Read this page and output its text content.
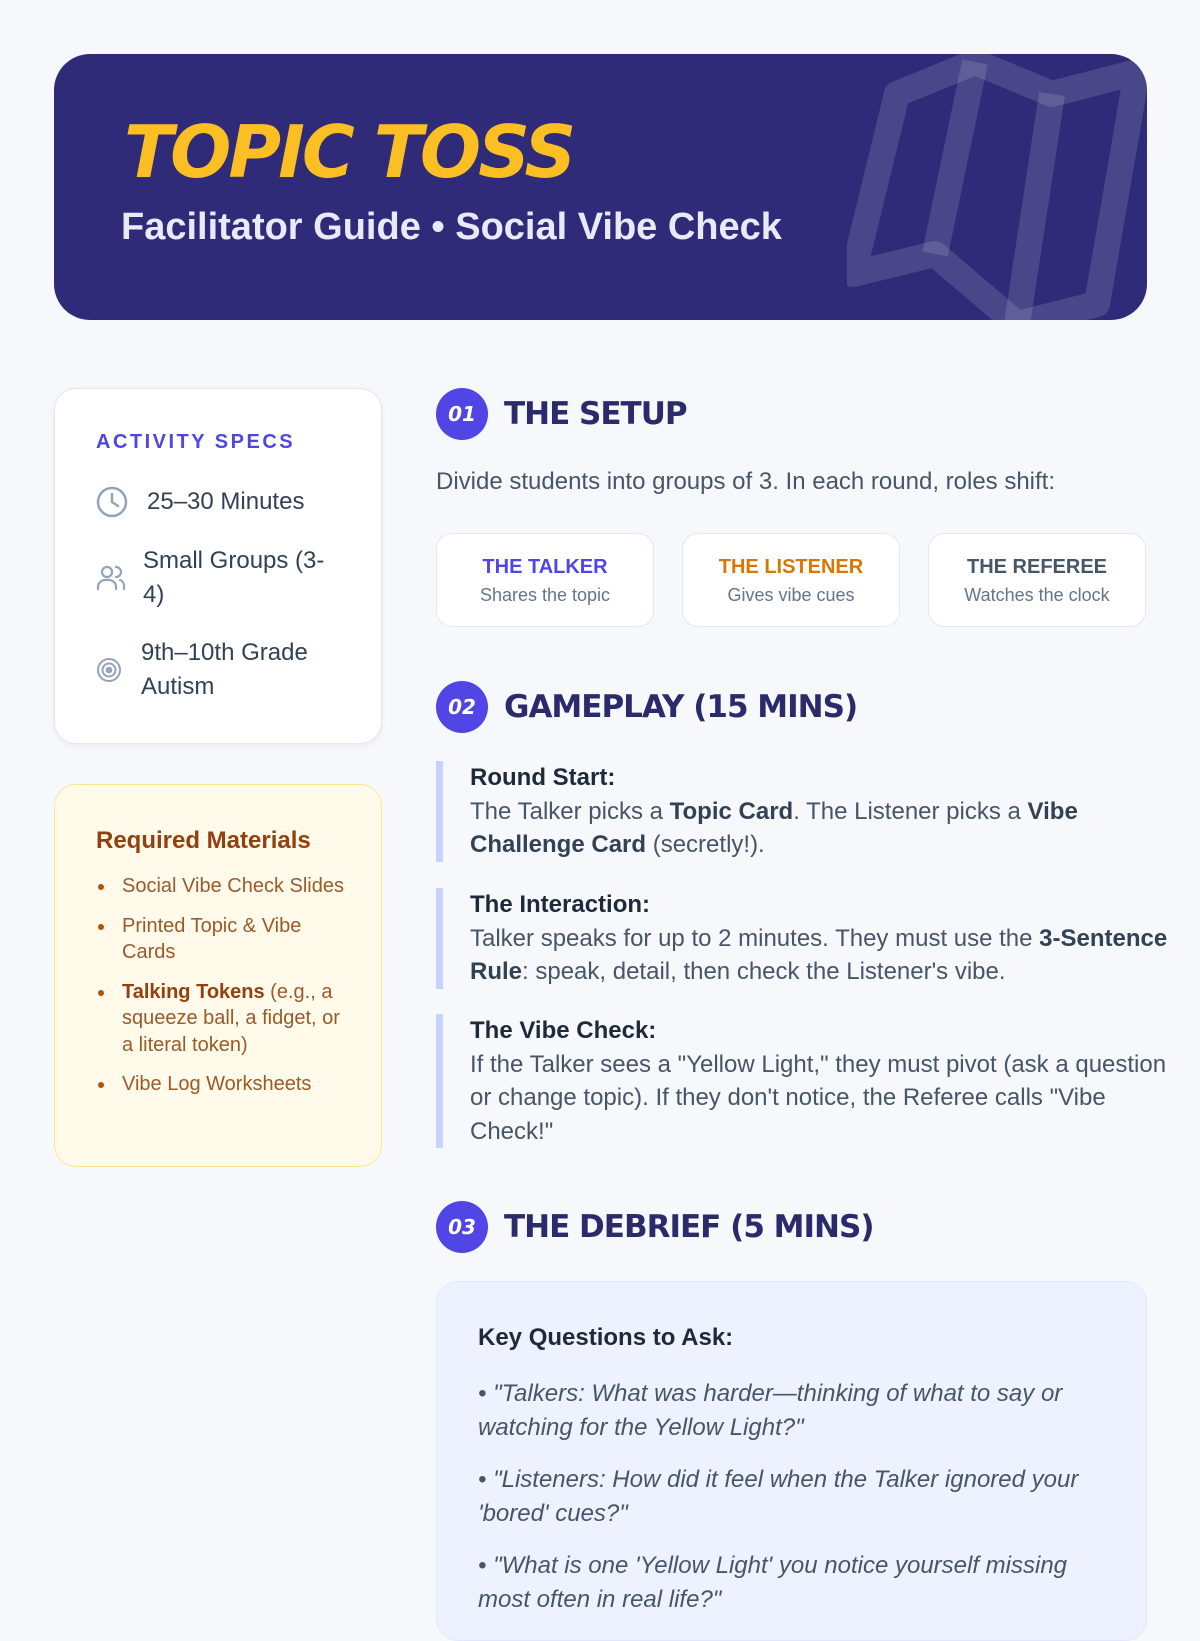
TOPIC TOSS
Facilitator Guide • Social Vibe Check
ACTIVITY SPECS
25–30 Minutes
Small Groups (3-4)
9th–10th Grade Autism
Required Materials
Social Vibe Check Slides
Printed Topic & Vibe Cards
Talking Tokens (e.g., a squeeze ball, a fidget, or a literal token)
Vibe Log Worksheets
01 THE SETUP
Divide students into groups of 3. In each round, roles shift:
THE TALKER
Shares the topic
THE LISTENER
Gives vibe cues
THE REFEREE
Watches the clock
02 GAMEPLAY (15 MINS)
Round Start:
The Talker picks a Topic Card. The Listener picks a Vibe Challenge Card (secretly!).
The Interaction:
Talker speaks for up to 2 minutes. They must use the 3-Sentence Rule: speak, detail, then check the Listener's vibe.
The Vibe Check:
If the Talker sees a "Yellow Light," they must pivot (ask a question or change topic). If they don't notice, the Referee calls "Vibe Check!"
03 THE DEBRIEF (5 MINS)
Key Questions to Ask:
• "Talkers: What was harder—thinking of what to say or watching for the Yellow Light?"
• "Listeners: How did it feel when the Talker ignored your 'bored' cues?"
• "What is one 'Yellow Light' you notice yourself missing most often in real life?"
